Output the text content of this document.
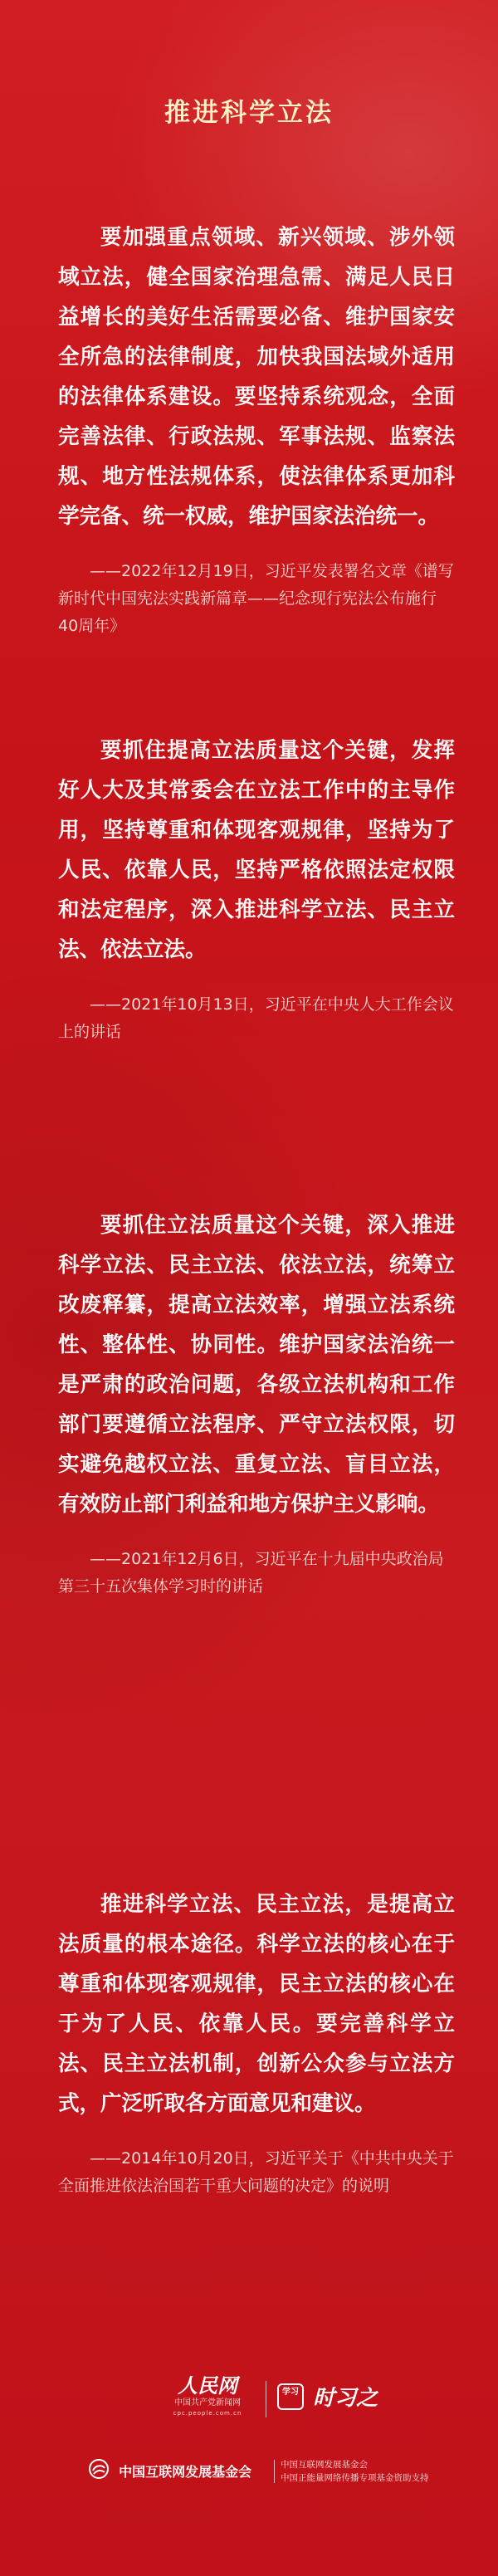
推进科学立法

要加强重点领域、新兴领域、涉外领域立法，健全国家治理急需、满足人民日益增长的美好生活需要必备、维护国家安全所急的法律制度，加快我国法域外适用的法律体系建设。要坚持系统观念，全面完善法律、行政法规、军事法规、监察法规、地方性法规体系，使法律体系更加科学完备、统一权威，维护国家法治统一。

——2022年12月19日，习近平发表署名文章《谱写新时代中国宪法实践新篇章——纪念现行宪法公布施行40周年》

要抓住提高立法质量这个关键，发挥好人大及其常委会在立法工作中的主导作用，坚持尊重和体现客观规律，坚持为了人民、依靠人民，坚持严格依照法定权限和法定程序，深入推进科学立法、民主立法、依法立法。

——2021年10月13日，习近平在中央人大工作会议上的讲话

要抓住立法质量这个关键，深入推进科学立法、民主立法、依法立法，统筹立改废释纂，提高立法效率，增强立法系统性、整体性、协同性。维护国家法治统一是严肃的政治问题，各级立法机构和工作部门要遵循立法程序、严守立法权限，切实避免越权立法、重复立法、盲目立法，有效防止部门利益和地方保护主义影响。

——2021年12月6日，习近平在十九届中央政治局第三十五次集体学习时的讲话

推进科学立法、民主立法，是提高立法质量的根本途径。科学立法的核心在于尊重和体现客观规律，民主立法的核心在于为了人民、依靠人民。要完善科学立法、民主立法机制，创新公众参与立法方式，广泛听取各方面意见和建议。

——2014年10月20日，习近平关于《中共中央关于全面推进依法治国若干重大问题的决定》的说明

人民网
中国共产党新闻网
cpc.people.com.cn
学习 时习之
中国互联网发展基金会	中国互联网发展基金会
中国正能量网络传播专项基金资助支持
